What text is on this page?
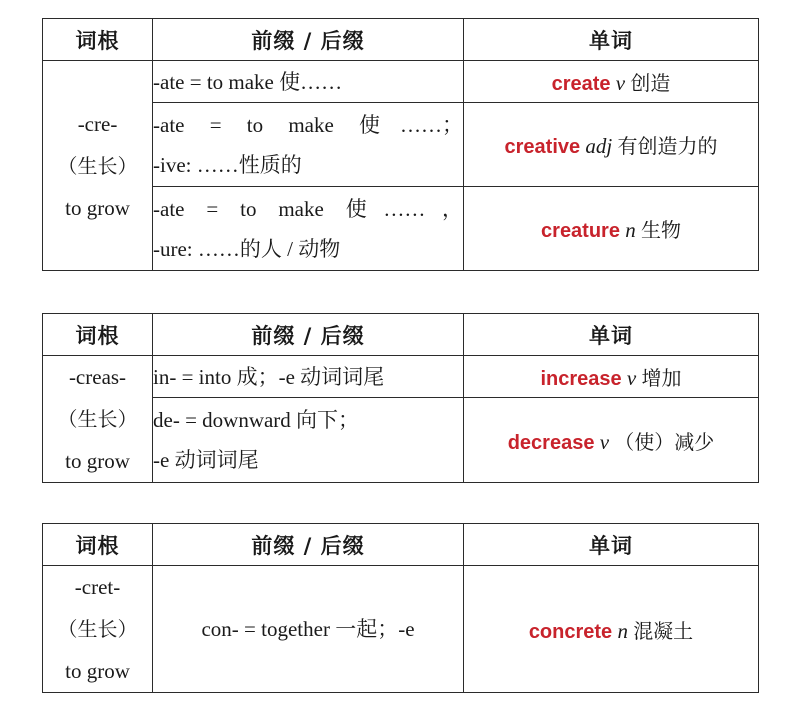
词根	前缀 / 后缀	单词

-cre-
（生长）
to grow	-ate = to make 使……	create v 创造

	-ate = to make 使……；
-ive: ……性质的	creative adj 有创造力的

	-ate = to make 使……，
-ure: ……的人 / 动物	creature n 生物
词根	前缀 / 后缀	单词

-creas-
（生长）
to grow	in- = into 成；-e 动词词尾	increase v 增加

	de- = downward 向下；
-e 动词词尾	decrease v （使）减少
词根	前缀 / 后缀	单词

-cret-
（生长）
to grow	con- = together 一起；-e	concrete n 混凝土
